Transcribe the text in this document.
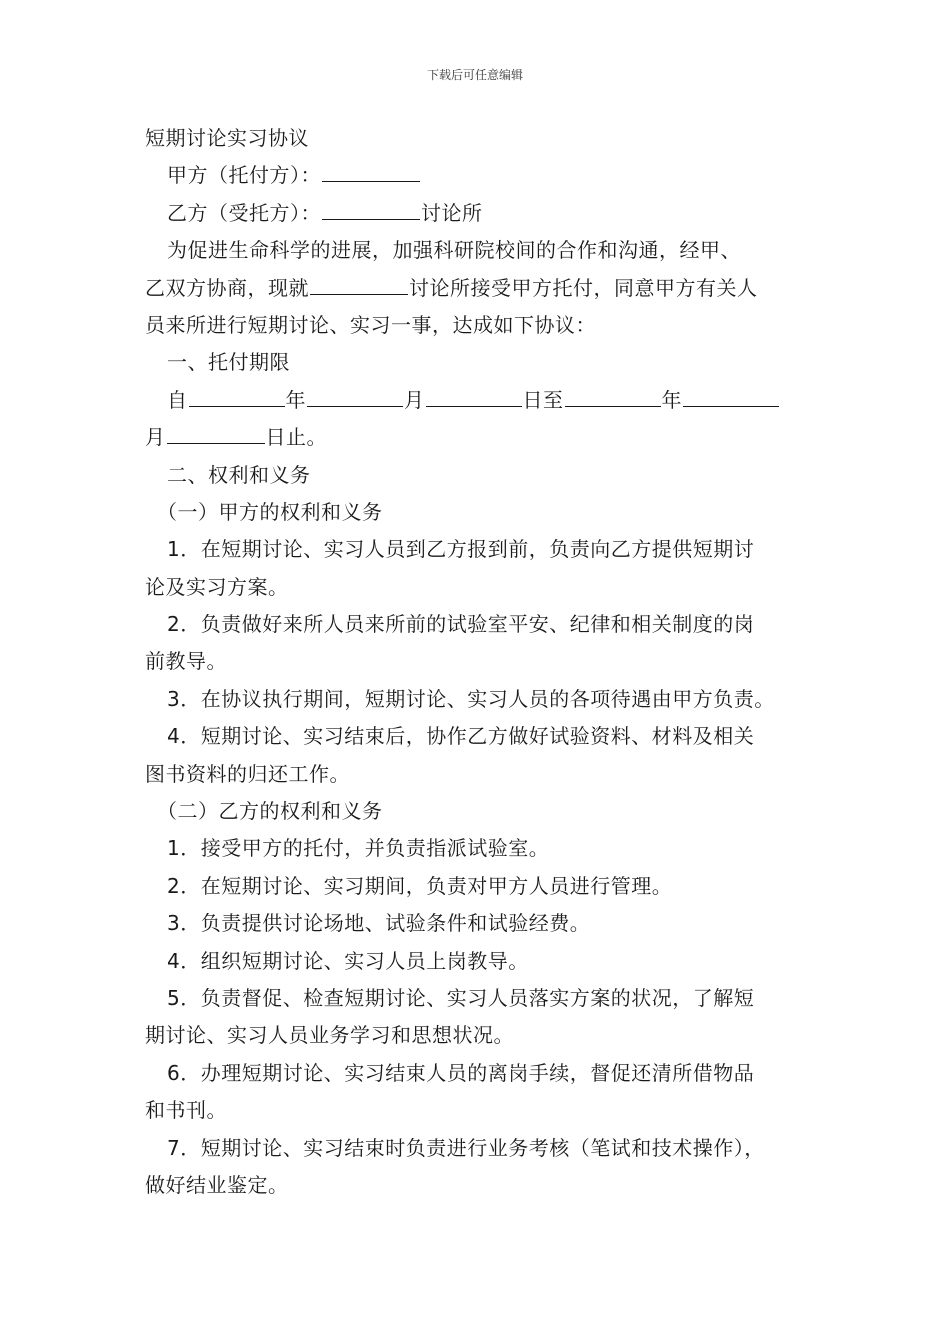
下载后可任意编辑
短期讨论实习协议
甲方（托付方）：
乙方（受托方）：	讨论所
为促进生命科学的进展，加强科研院校间的合作和沟通，经甲、
乙双方协商，现就	讨论所接受甲方托付，同意甲方有关人
员来所进行短期讨论、实习一事，达成如下协议：
一、托付期限
自	年	月	日至	年
月	日止。
二、权利和义务
（一）甲方的权利和义务
1．在短期讨论、实习人员到乙方报到前，负责向乙方提供短期讨
论及实习方案。
2．负责做好来所人员来所前的试验室平安、纪律和相关制度的岗
前教导。
3．在协议执行期间，短期讨论、实习人员的各项待遇由甲方负责。
4．短期讨论、实习结束后，协作乙方做好试验资料、材料及相关
图书资料的归还工作。
（二）乙方的权利和义务
1．接受甲方的托付，并负责指派试验室。
2．在短期讨论、实习期间，负责对甲方人员进行管理。
3．负责提供讨论场地、试验条件和试验经费。
4．组织短期讨论、实习人员上岗教导。
5．负责督促、检查短期讨论、实习人员落实方案的状况，了解短
期讨论、实习人员业务学习和思想状况。
6．办理短期讨论、实习结束人员的离岗手续，督促还清所借物品
和书刊。
7．短期讨论、实习结束时负责进行业务考核（笔试和技术操作），
做好结业鉴定。
